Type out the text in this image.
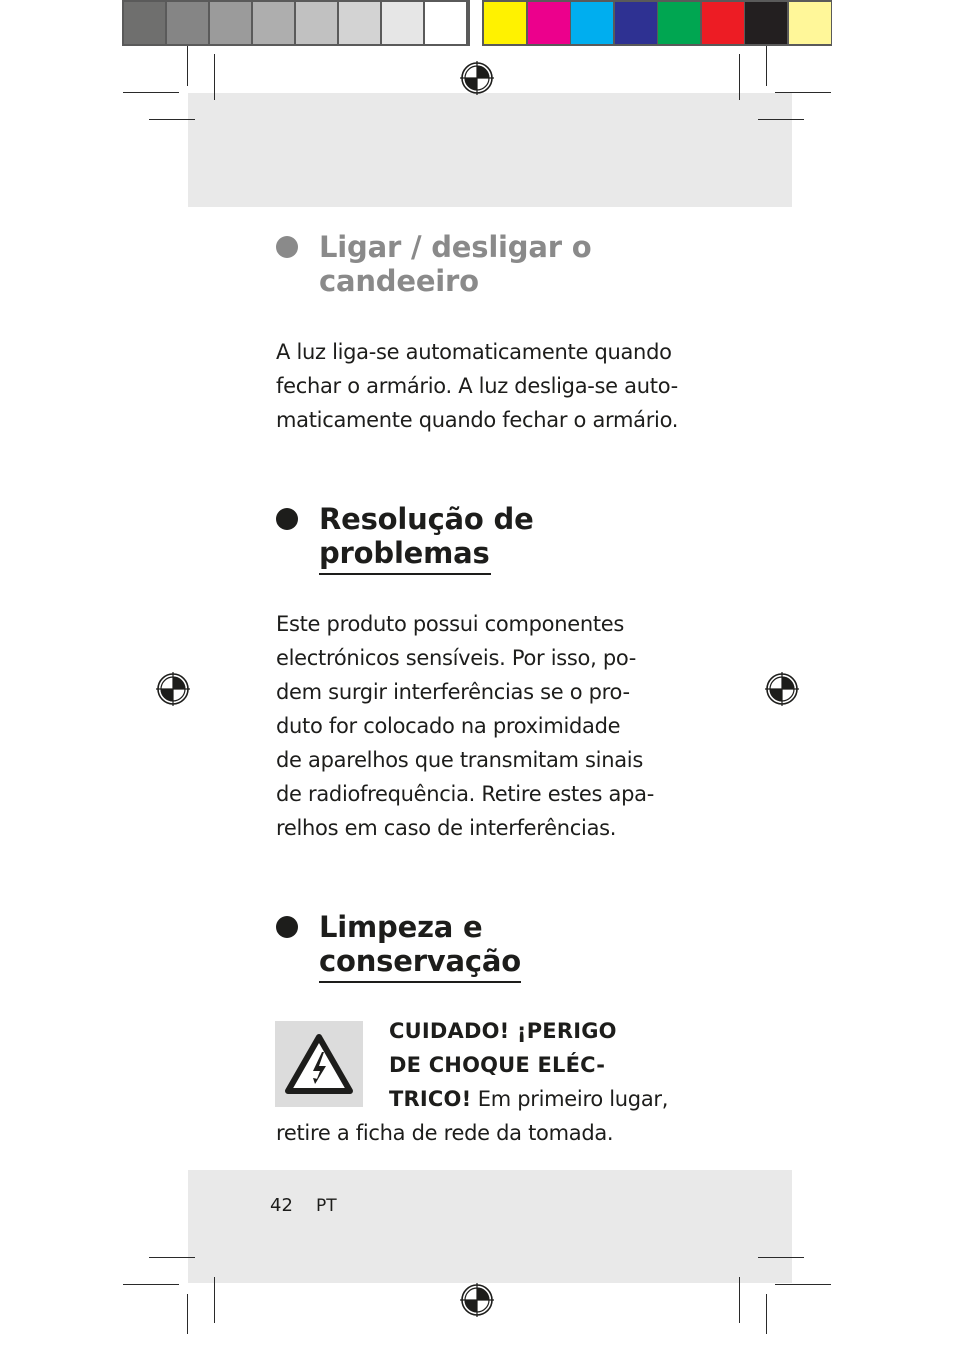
Ligar / desligar o
candeeiro
A luz liga-se automaticamente quando
fechar o armário. A luz desliga-se auto-
maticamente quando fechar o armário.
Resolução de
problemas
Este produto possui componentes
electrónicos sensíveis. Por isso, po-
dem surgir interferências se o pro-
duto for colocado na proximidade
de aparelhos que transmitam sinais
de radiofrequência. Retire estes apa-
relhos em caso de interferências.
Limpeza e
conservação
CUIDADO! ¡PERIGO
DE CHOQUE ELÉC-
TRICO! Em primeiro lugar,
retire a ficha de rede da tomada.
42 PT
